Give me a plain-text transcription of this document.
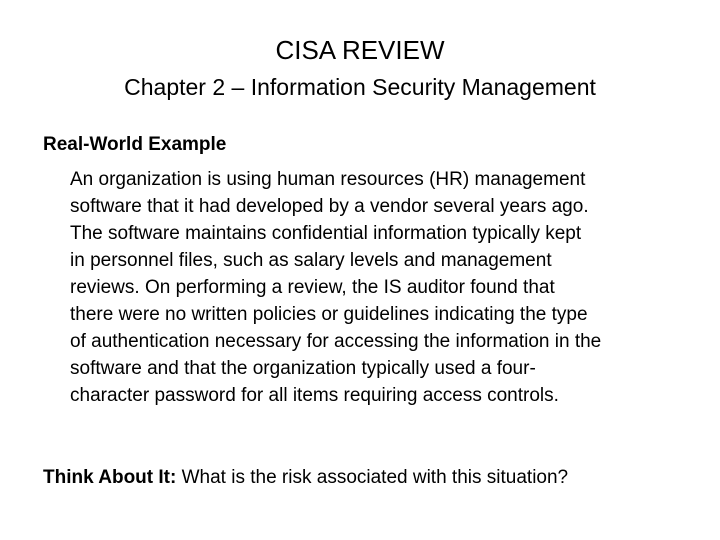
CISA REVIEW
Chapter 2 – Information Security Management
Real-World Example
An organization is using human resources (HR) management
software that it had developed by a vendor several years ago.
The software maintains confidential information typically kept
in personnel files, such as salary levels and management
reviews. On performing a review, the IS auditor found that
there were no written policies or guidelines indicating the type
of authentication necessary for accessing the information in the
software and that the organization typically used a four-
character password for all items requiring access controls.
Think About It: What is the risk associated with this situation?
